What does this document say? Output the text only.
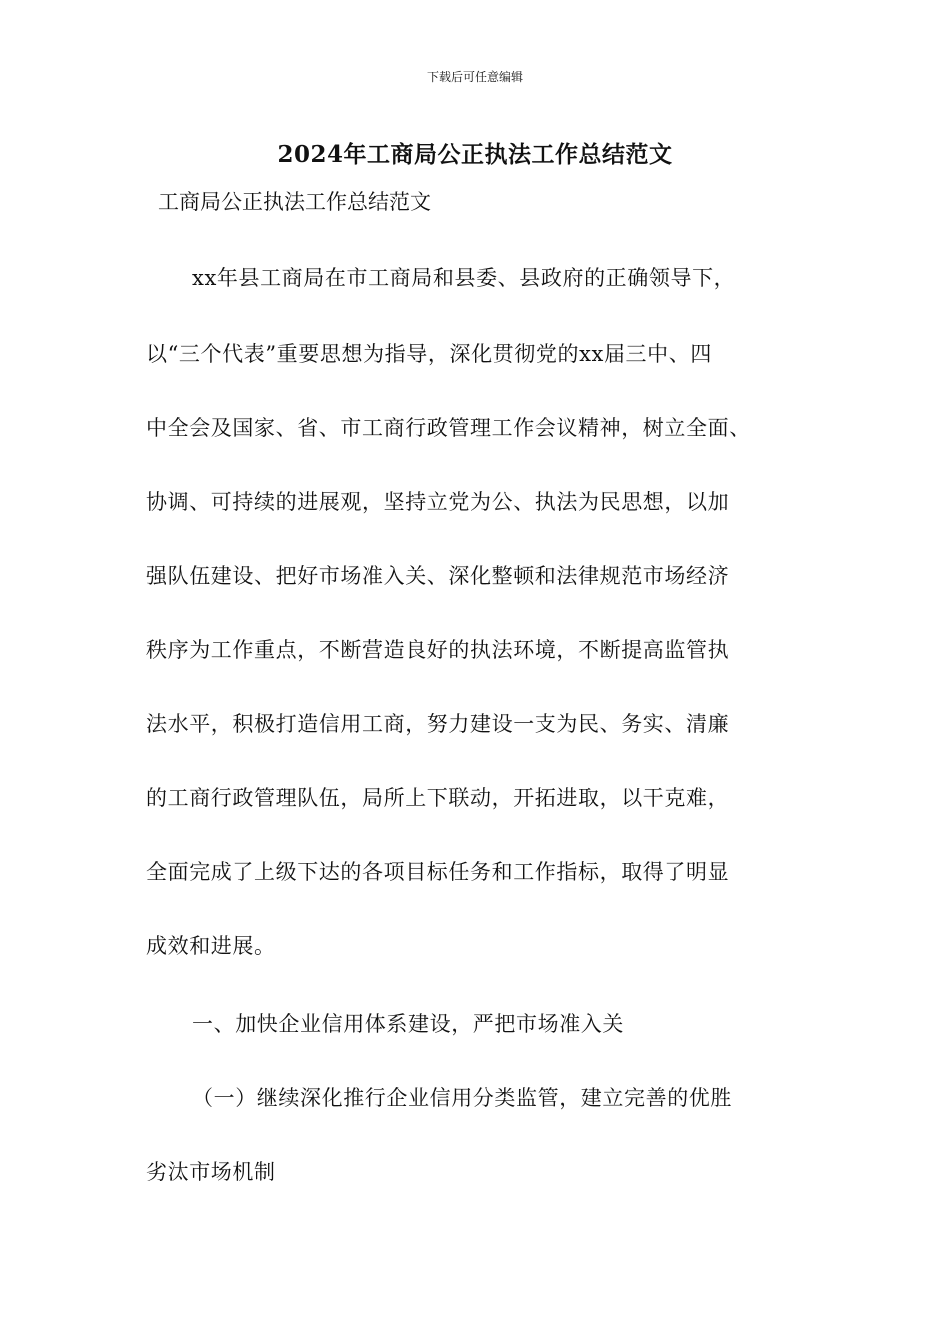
下载后可任意编辑
2024年工商局公正执法工作总结范文
工商局公正执法工作总结范文
xx年县工商局在市工商局和县委、县政府的正确领导下，
以“三个代表”重要思想为指导，深化贯彻党的xx届三中、四
中全会及国家、省、市工商行政管理工作会议精神，树立全面、
协调、可持续的进展观，坚持立党为公、执法为民思想，以加
强队伍建设、把好市场准入关、深化整顿和法律规范市场经济
秩序为工作重点，不断营造良好的执法环境，不断提高监管执
法水平，积极打造信用工商，努力建设一支为民、务实、清廉
的工商行政管理队伍，局所上下联动，开拓进取，以干克难，
全面完成了上级下达的各项目标任务和工作指标，取得了明显
成效和进展。
一、加快企业信用体系建设，严把市场准入关
（一）继续深化推行企业信用分类监管，建立完善的优胜
劣汰市场机制
